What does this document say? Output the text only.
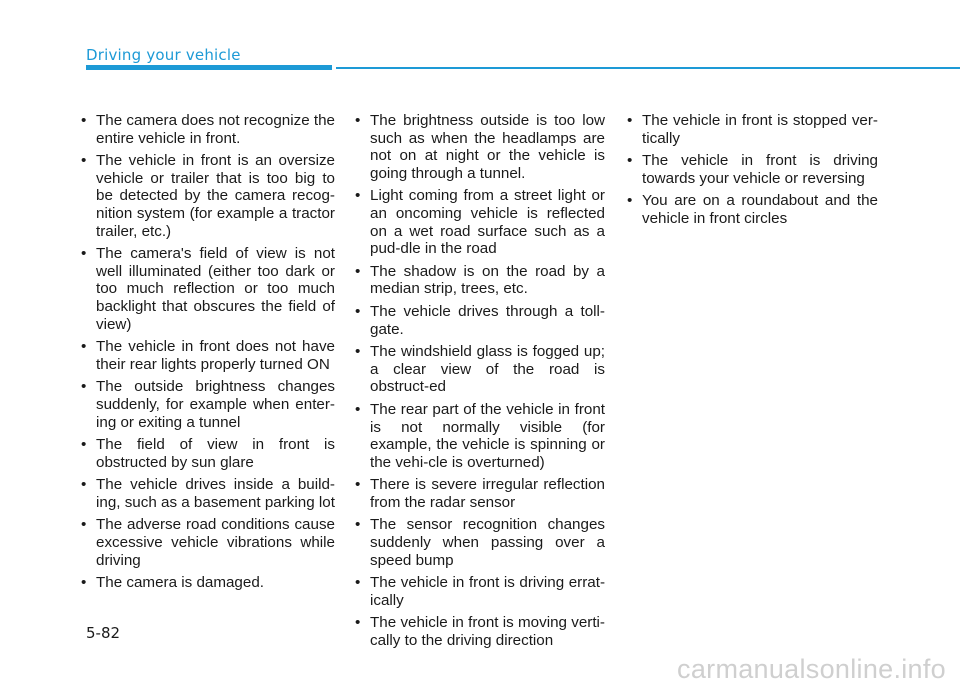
Driving your vehicle
• The camera does not recognize the entire vehicle in front.
• The vehicle in front is an oversize vehicle or trailer that is too big to be detected by the camera recog-nition system (for example a tractor trailer, etc.)
• The camera's field of view is not well illuminated (either too dark or too much reflection or too much backlight that obscures the field of view)
• The vehicle in front does not have their rear lights properly turned ON
• The outside brightness changes suddenly, for example when enter-ing or exiting a tunnel
• The field of view in front is obstructed by sun glare
• The vehicle drives inside a build-ing, such as a basement parking lot
• The adverse road conditions cause excessive vehicle vibrations while driving
• The camera is damaged.
• The brightness outside is too low such as when the headlamps are not on at night or the vehicle is going through a tunnel.
• Light coming from a street light or an oncoming vehicle is reflected on a wet road surface such as a pud-dle in the road
• The shadow is on the road by a median strip, trees, etc.
• The vehicle drives through a toll-gate.
• The windshield glass is fogged up; a clear view of the road is obstruct-ed
• The rear part of the vehicle in front is not normally visible (for example, the vehicle is spinning or the vehi-cle is overturned)
• There is severe irregular reflection from the radar sensor
• The sensor recognition changes suddenly when passing over a speed bump
• The vehicle in front is driving errat-ically
• The vehicle in front is moving verti-cally to the driving direction
• The vehicle in front is stopped ver-tically
• The vehicle in front is driving towards your vehicle or reversing
• You are on a roundabout and the vehicle in front circles
5-82
carmanualsonline.info
